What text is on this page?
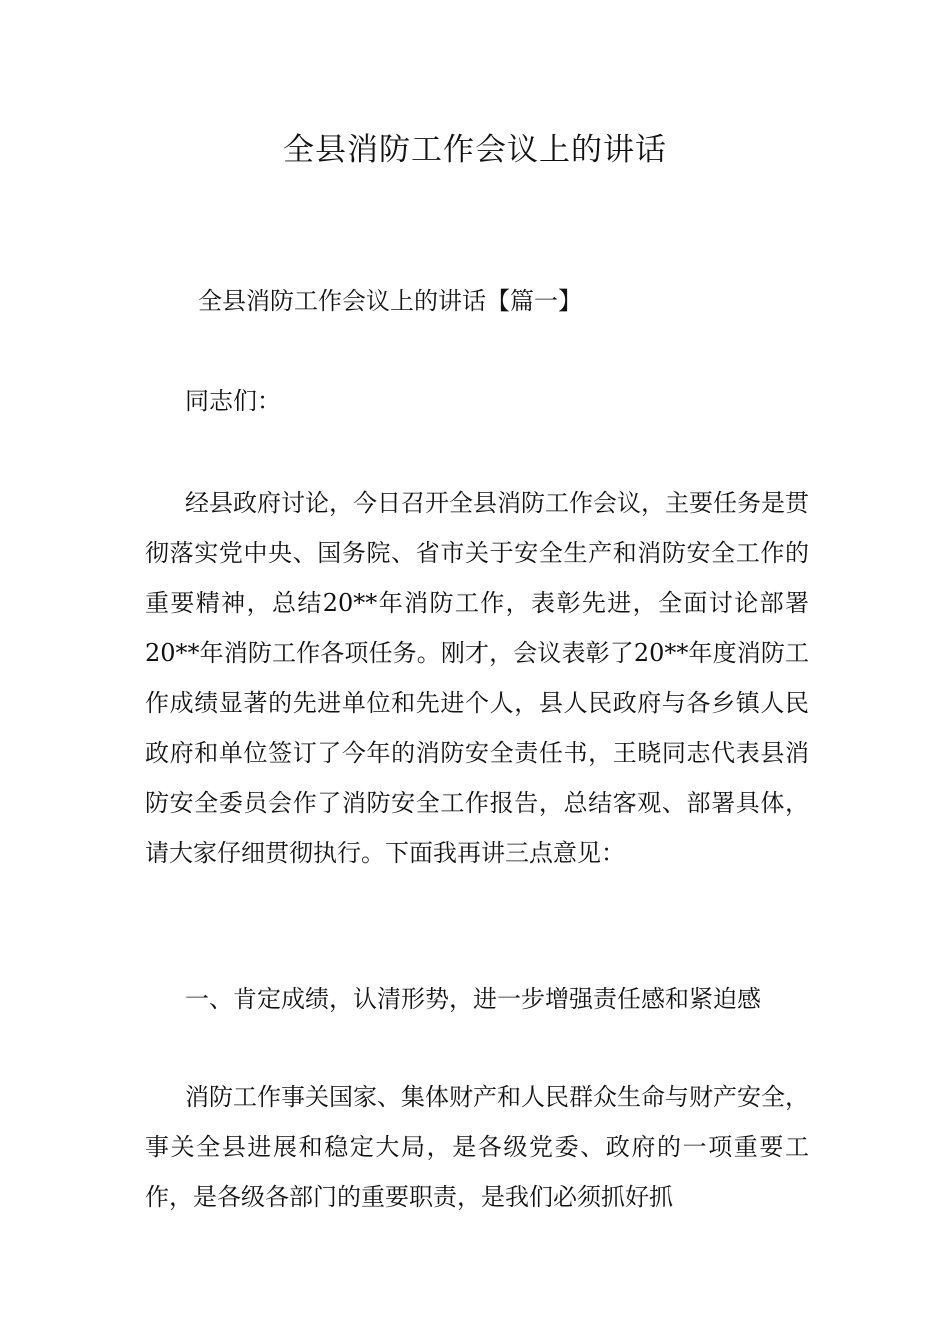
全县消防工作会议上的讲话

全县消防工作会议上的讲话【篇一】

同志们：

经县政府讨论，今日召开全县消防工作会议，主要任务是贯彻落实党中央、国务院、省市关于安全生产和消防安全工作的重要精神，总结20**年消防工作，表彰先进，全面讨论部署20**年消防工作各项任务。刚才，会议表彰了20**年度消防工作成绩显著的先进单位和先进个人，县人民政府与各乡镇人民政府和单位签订了今年的消防安全责任书，王晓同志代表县消防安全委员会作了消防安全工作报告，总结客观、部署具体，请大家仔细贯彻执行。下面我再讲三点意见：

一、肯定成绩，认清形势，进一步增强责任感和紧迫感

消防工作事关国家、集体财产和人民群众生命与财产安全，事关全县进展和稳定大局，是各级党委、政府的一项重要工作，是各级各部门的重要职责，是我们必须抓好抓
